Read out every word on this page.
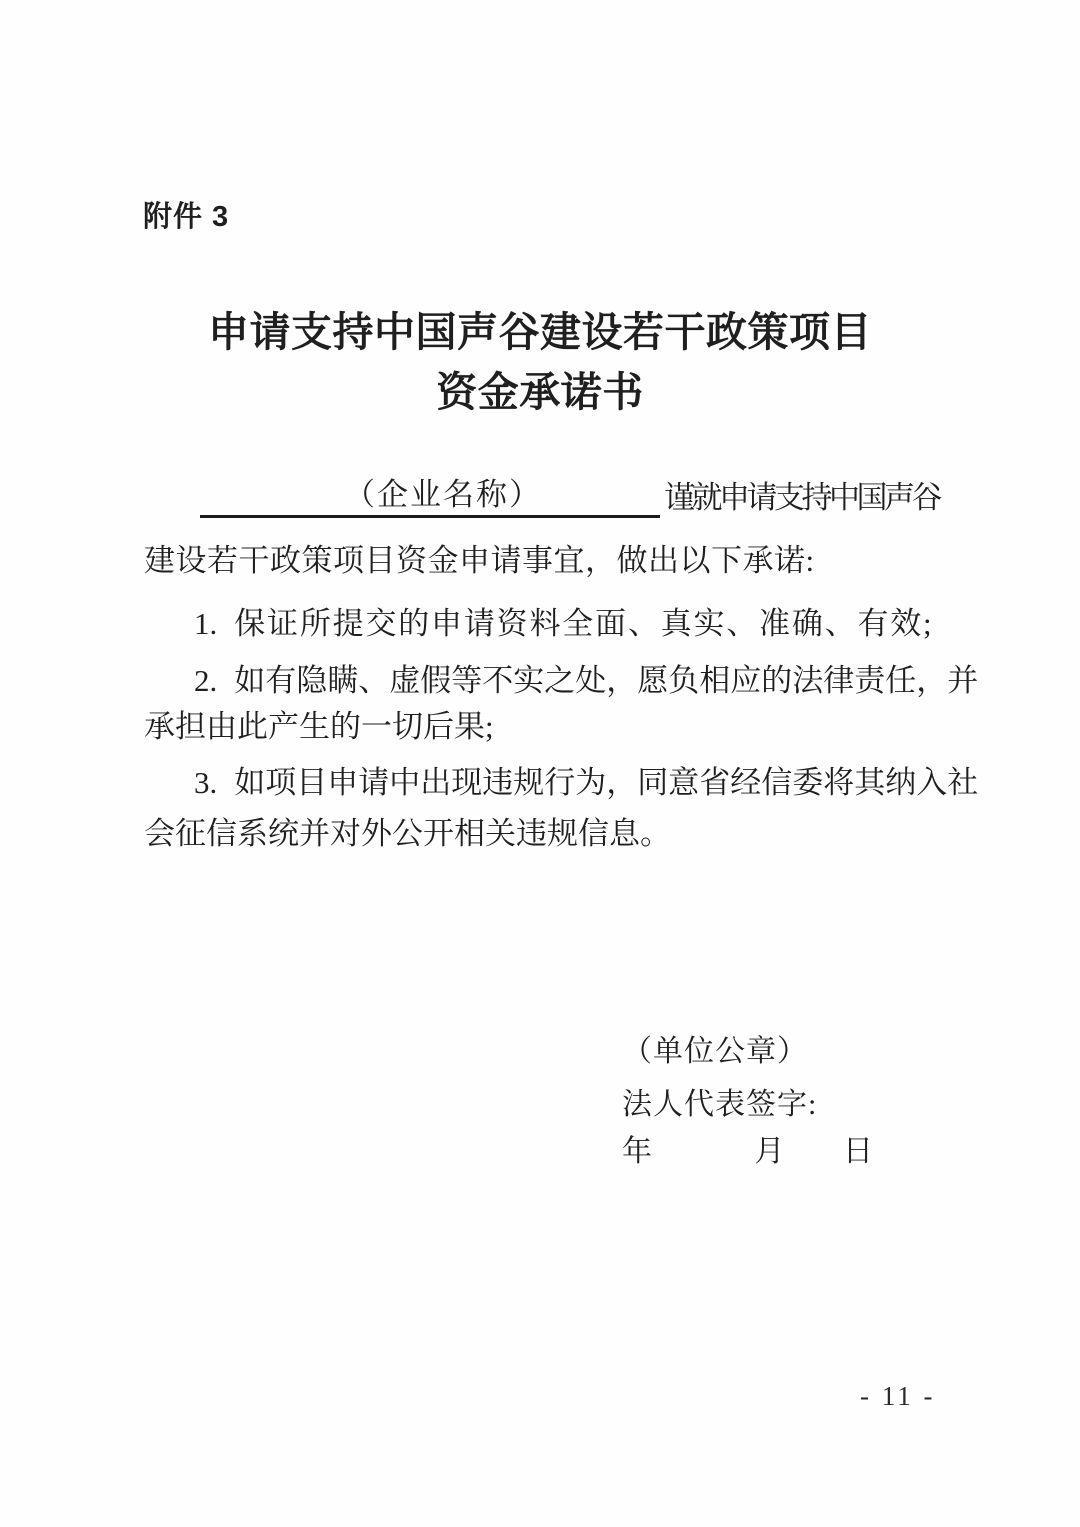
附件 3
申请支持中国声谷建设若干政策项目
资金承诺书
（企业名称）	谨就申请支持中国声谷
建设若干政策项目资金申请事宜，做出以下承诺:
1. 保证所提交的申请资料全面、真实、准确、有效;
2. 如有隐瞒、虚假等不实之处，愿负相应的法律责任，并
承担由此产生的一切后果;
3. 如项目申请中出现违规行为，同意省经信委将其纳入社
会征信系统并对外公开相关违规信息。
（单位公章）
法人代表签字:
年	月 日
- 11 -
